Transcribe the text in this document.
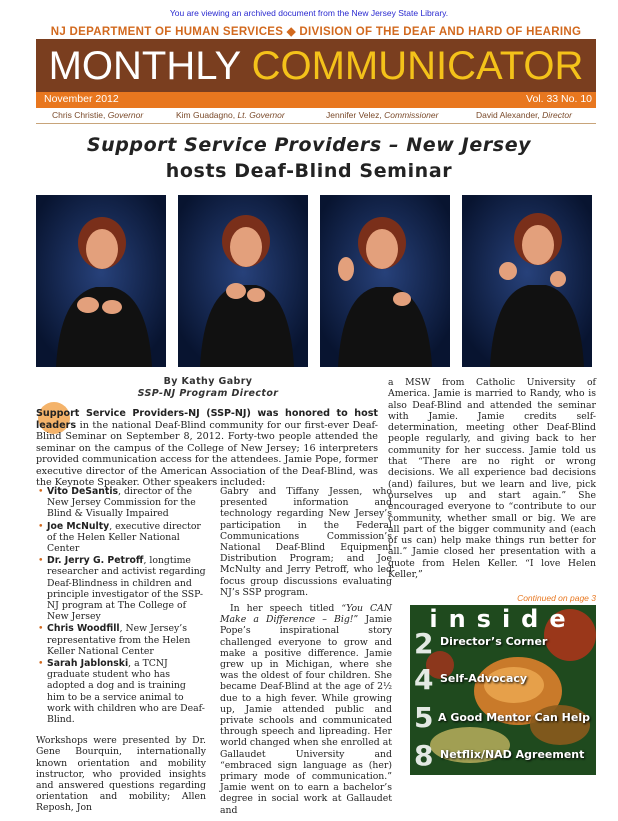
You are viewing an archived document from the New Jersey State Library.
NJ DEPARTMENT OF HUMAN SERVICES ◆ DIVISION OF THE DEAF AND HARD OF HEARING
MONTHLY COMMUNICATOR
November 2012	Vol. 33 No. 10
Chris Christie, Governor	Kim Guadagno, Lt. Governor	Jennifer Velez, Commissioner	David Alexander, Director
Support Service Providers – New Jersey
hosts Deaf-Blind Seminar
By Kathy Gabry
SSP-NJ Program Director
Support Service Providers-NJ (SSP-NJ) was honored to host leaders in the national Deaf-Blind community for our first-ever Deaf-Blind Seminar on September 8, 2012. Forty-two people attended the seminar on the campus of the College of New Jersey; 16 interpreters provided communication access for the attendees. Jamie Pope, former executive director of the American Association of the Deaf-Blind, was the Keynote Speaker. Other speakers included:
• Vito DeSantis, director of the New Jersey Commission for the Blind & Visually Impaired
• Joe McNulty, executive director of the Helen Keller National Center
• Dr. Jerry G. Petroff, longtime researcher and activist regarding Deaf-Blindness in children and principle investigator of the SSP-NJ program at The College of New Jersey
• Chris Woodfill, New Jersey’s representative from the Helen Keller National Center
• Sarah Jablonski, a TCNJ graduate student who has adopted a dog and is training him to be a service animal to work with children who are Deaf-Blind.

Workshops were presented by Dr. Gene Bourquin, internationally known orientation and mobility instructor, who provided insights and answered questions regarding orientation and mobility; Allen Reposh, Jon

Gabry and Tiffany Jessen, who presented information and technology regarding New Jersey’s participation in the Federal Communications Commission’s National Deaf-Blind Equipment Distribution Program; and Joe McNulty and Jerry Petroff, who led focus group discussions evaluating NJ’s SSP program.

In her speech titled “You CAN Make a Difference – Big!” Jamie Pope’s inspirational story challenged everyone to grow and make a positive difference. Jamie grew up in Michigan, where she was the oldest of four children. She became Deaf-Blind at the age of 2½ due to a high fever. While growing up, Jamie attended public and private schools and communicated through speech and lipreading. Her world changed when she enrolled at Gallaudet University and “embraced sign language as (her) primary mode of communication.” Jamie went on to earn a bachelor’s degree in social work at Gallaudet and

a MSW from Catholic University of America. Jamie is married to Randy, who is also Deaf-Blind and attended the seminar with Jamie. Jamie credits self-determination, meeting other Deaf-Blind people regularly, and giving back to her community for her success. Jamie told us that “There are no right or wrong decisions. We all experience bad decisions (and) failures, but we learn and live, pick ourselves up and start again.” She encouraged everyone to “contribute to our community, whether small or big. We are all part of the bigger community and (each of us can) help make things run better for all.” Jamie closed her presentation with a quote from Helen Keller. “I love Helen Keller,”
Continued on page 3
inside
2 Director’s Corner
4 Self-Advocacy
5 A Good Mentor Can Help
8 Netflix/NAD Agreement
